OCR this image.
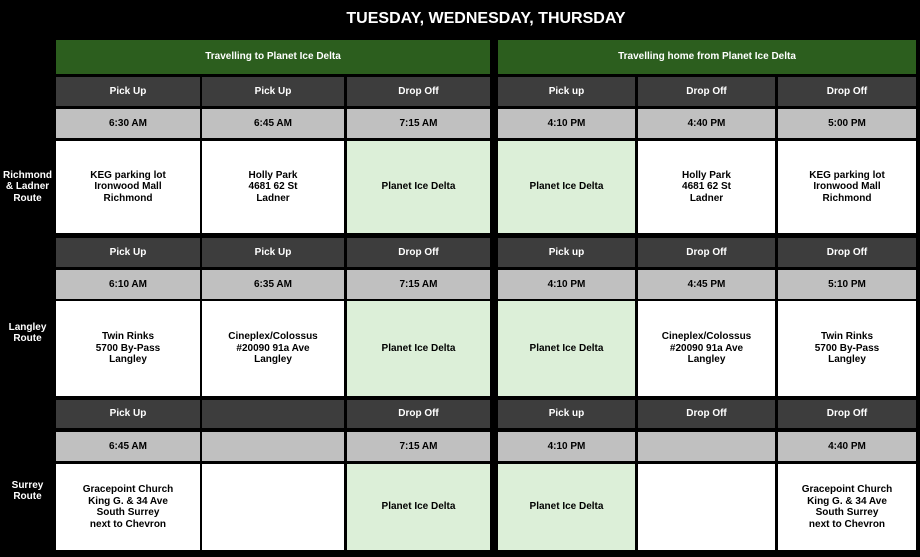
TUESDAY, WEDNESDAY, THURSDAY
Travelling to Planet Ice Delta	Travelling home from Planet Ice Delta
Richmond
& Ladner
Route
Pick Up
6:30 AM
KEG parking lot
Ironwood Mall
Richmond
Pick Up
6:45 AM
Holly Park
4681 62 St
Ladner
Drop Off
7:15 AM
Planet Ice Delta
Pick up
4:10 PM
Planet Ice Delta
Drop Off
4:40 PM
Holly Park
4681 62 St
Ladner
Drop Off
5:00 PM
KEG parking lot
Ironwood Mall
Richmond
Langley
Route
Pick Up
6:10 AM
Twin Rinks
5700 By-Pass
Langley
Pick Up
6:35 AM
Cineplex/Colossus
#20090 91a Ave
Langley
Drop Off
7:15 AM
Planet Ice Delta
Pick up
4:10 PM
Planet Ice Delta
Drop Off
4:45 PM
Cineplex/Colossus
#20090 91a Ave
Langley
Drop Off
5:10 PM
Twin Rinks
5700 By-Pass
Langley
Surrey
Route
Pick Up
6:45 AM
Gracepoint Church
King G. & 34 Ave
South Surrey
next to Chevron
Drop Off
7:15 AM
Planet Ice Delta
Pick up
4:10 PM
Planet Ice Delta
Drop Off	Drop Off
4:40 PM
Gracepoint Church
King G. & 34 Ave
South Surrey
next to Chevron
